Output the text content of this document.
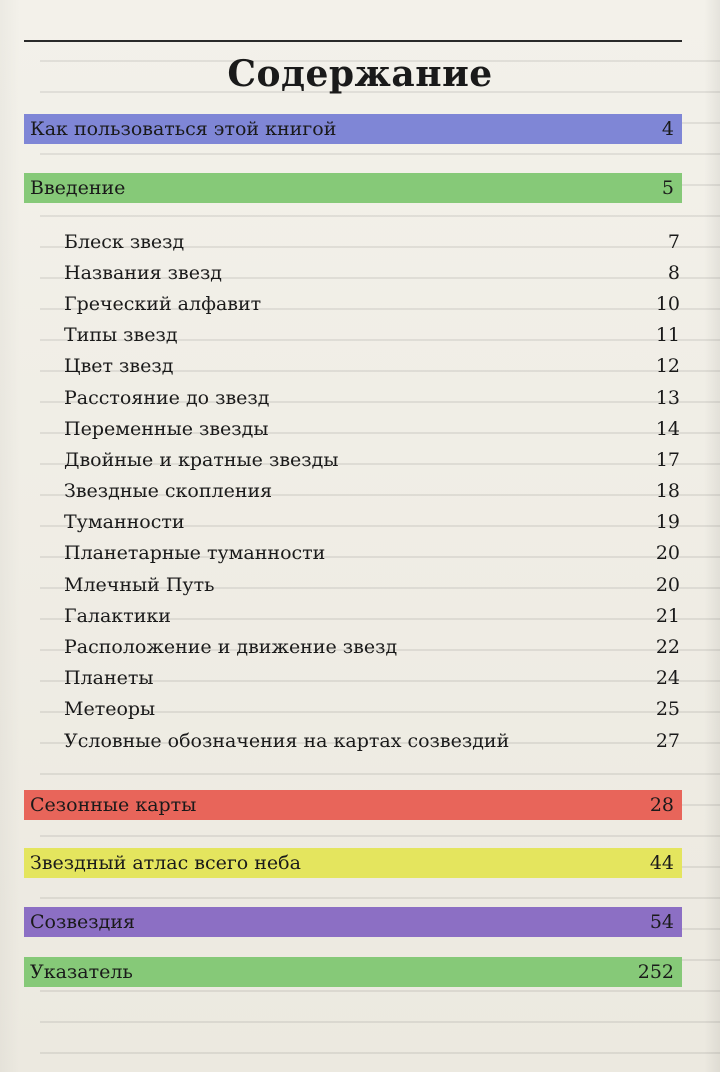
Содержание
Как пользоваться этой книгой	4
Введение	5
Блеск звезд	7
Названия звезд	8
Греческий алфавит	10
Типы звезд	11
Цвет звезд	12
Расстояние до звезд	13
Переменные звезды	14
Двойные и кратные звезды	17
Звездные скопления	18
Туманности	19
Планетарные туманности	20
Млечный Путь	20
Галактики	21
Расположение и движение звезд	22
Планеты	24
Метеоры	25
Условные обозначения на картах созвездий	27
Сезонные карты	28
Звездный атлас всего неба	44
Созвездия	54
Указатель	252
